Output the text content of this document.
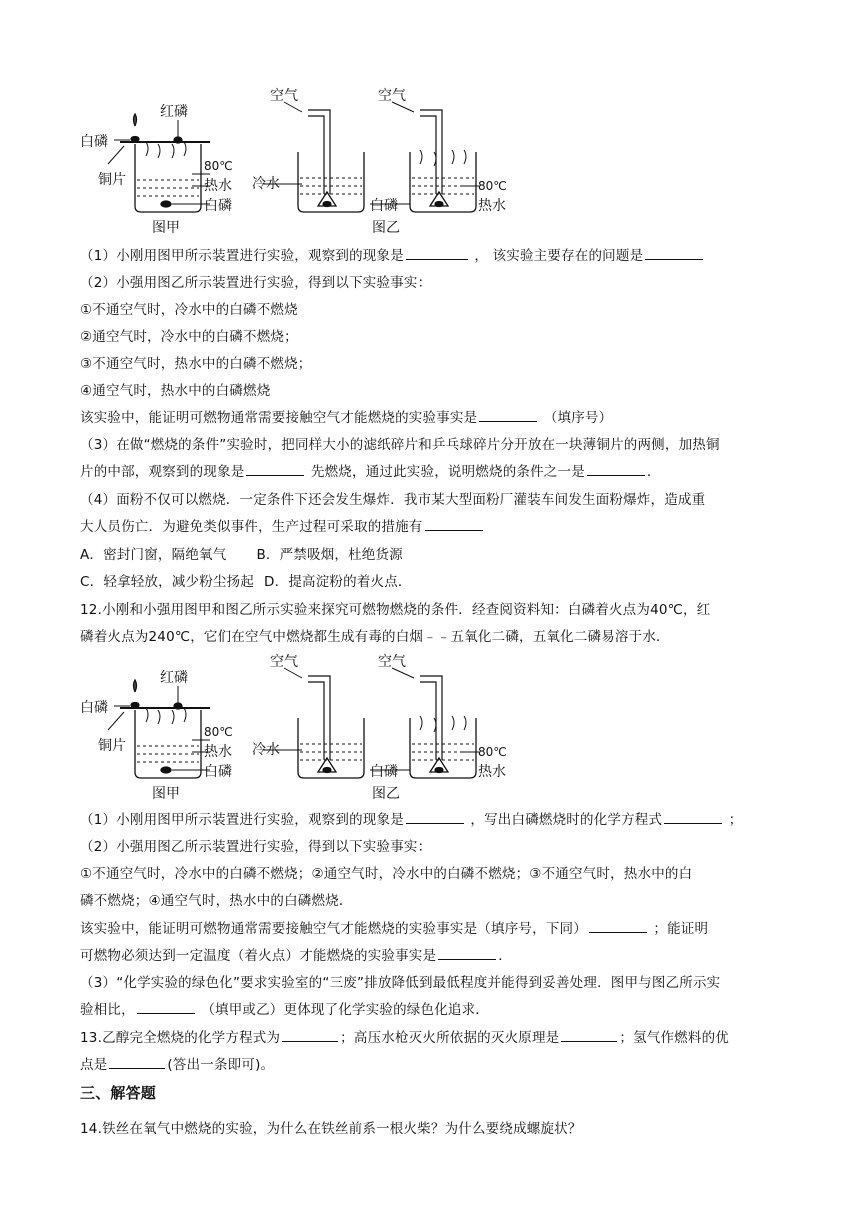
白磷
红磷
铜片
80℃
热水
白磷
图甲
空气	空气
冷水
白磷
80℃
热水
图乙
（1）小刚用图甲所示装置进行实验，观察到的现象是	， 该实验主要存在的问题是
（2）小强用图乙所示装置进行实验，得到以下实验事实：
①不通空气时，冷水中的白磷不燃烧
②通空气时，冷水中的白磷不燃烧；
③不通空气时，热水中的白磷不燃烧；
④通空气时，热水中的白磷燃烧
该实验中，能证明可燃物通常需要接触空气才能燃烧的实验事实是	（填序号）
（3）在做“燃烧的条件”实验时，把同样大小的滤纸碎片和乒乓球碎片分开放在一块薄铜片的两侧，加热铜
片的中部，观察到的现象是	先燃烧，通过此实验，说明燃烧的条件之一是	．
（4）面粉不仅可以燃烧．一定条件下还会发生爆炸．我市某大型面粉厂灌装车间发生面粉爆炸，造成重
大人员伤亡．为避免类似事件，生产过程可采取的措施有
A．密封门窗，隔绝氧气 B．严禁吸烟，杜绝货源
C．轻拿轻放，减少粉尘扬起 D．提高淀粉的着火点．
12.小刚和小强用图甲和图乙所示实验来探究可燃物燃烧的条件．经查阅资料知：白磷着火点为40℃，红
磷着火点为240℃，它们在空气中燃烧都生成有毒的白烟﹣﹣五氧化二磷，五氧化二磷易溶于水．
白磷
红磷
铜片
80℃
热水
白磷
图甲
空气	空气
冷水
白磷
80℃
热水
图乙
（1）小刚用图甲所示装置进行实验，观察到的现象是	，写出白磷燃烧时的化学方程式	；
（2）小强用图乙所示装置进行实验，得到以下实验事实：
①不通空气时，冷水中的白磷不燃烧；②通空气时，冷水中的白磷不燃烧；③不通空气时，热水中的白
磷不燃烧；④通空气时，热水中的白磷燃烧．
该实验中，能证明可燃物通常需要接触空气才能燃烧的实验事实是（填序号，下同）	；能证明
可燃物必须达到一定温度（着火点）才能燃烧的实验事实是	．
（3）“化学实验的绿色化”要求实验室的“三废”排放降低到最低程度并能得到妥善处理．图甲与图乙所示实
验相比，	（填甲或乙）更体现了化学实验的绿色化追求．
13.乙醇完全燃烧的化学方程式为	；高压水枪灭火所依据的灭火原理是	；氢气作燃料的优
点是	(答出一条即可)。
三、解答题
14.铁丝在氧气中燃烧的实验，为什么在铁丝前系一根火柴？为什么要绕成螺旋状？
